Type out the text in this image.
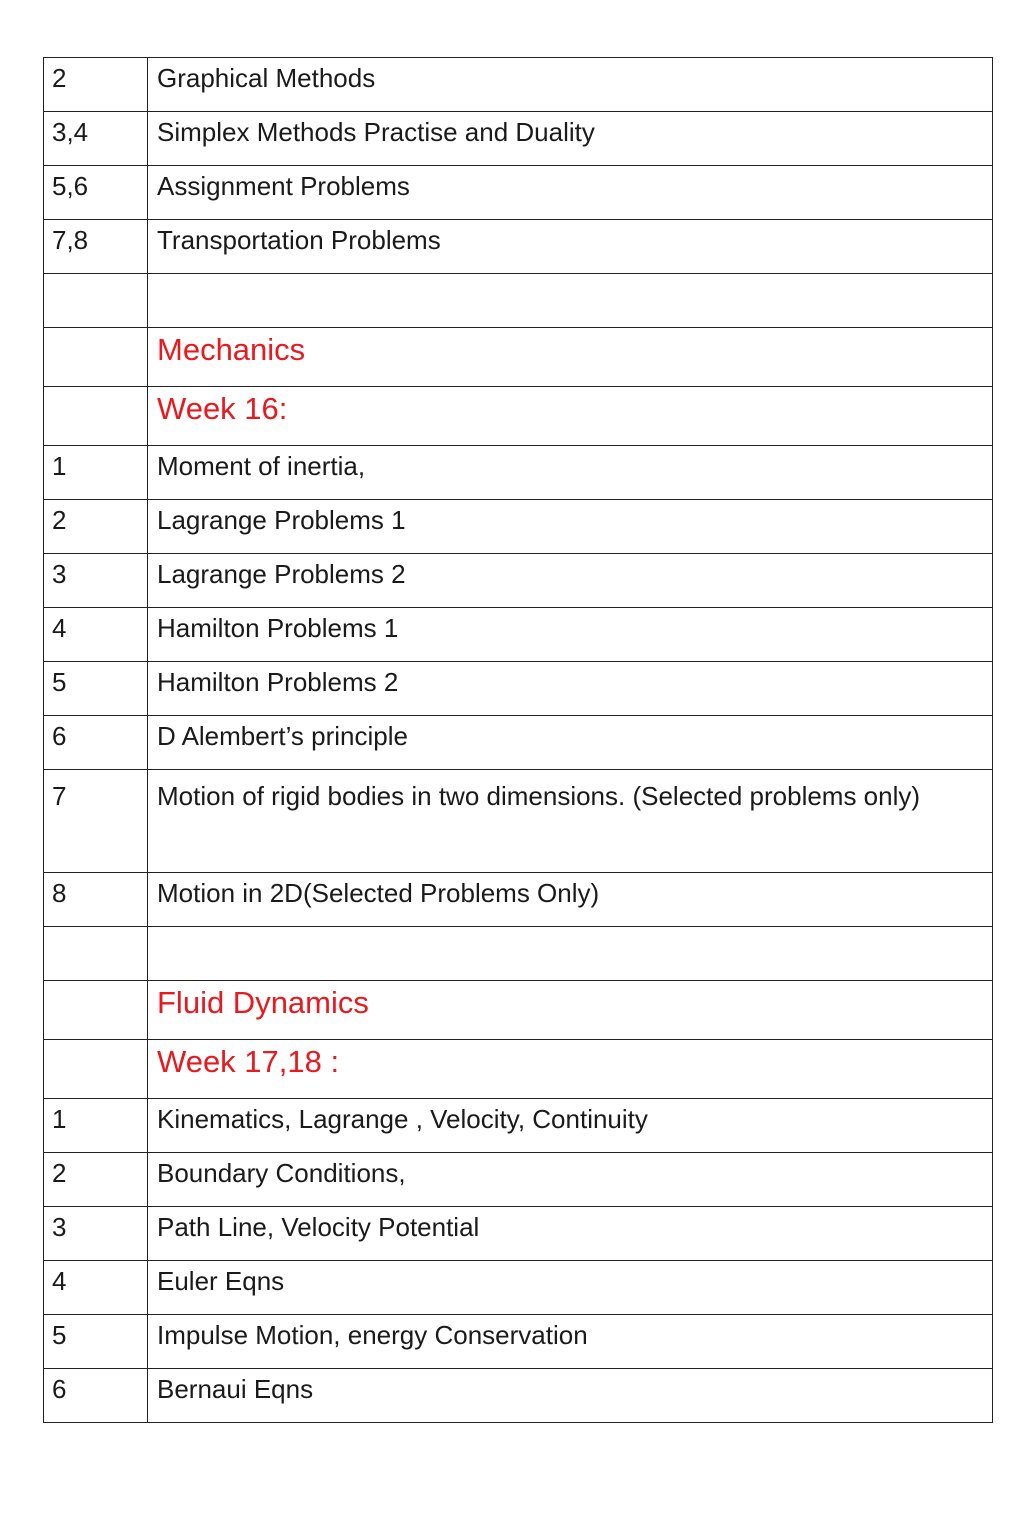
2	Graphical Methods
3,4	Simplex Methods Practise and Duality
5,6	Assignment Problems
7,8	Transportation Problems

	Mechanics
	Week 16:
1	Moment of inertia,
2	Lagrange Problems 1
3	Lagrange Problems 2
4	Hamilton Problems 1
5	Hamilton Problems 2
6	D Alembert’s principle
7	Motion of rigid bodies in two dimensions. (Selected problems only)
8	Motion in 2D(Selected Problems Only)

	Fluid Dynamics
	Week 17,18 :
1	Kinematics, Lagrange , Velocity, Continuity
2	Boundary Conditions,
3	Path Line, Velocity Potential
4	Euler Eqns
5	Impulse Motion, energy Conservation
6	Bernaui Eqns
